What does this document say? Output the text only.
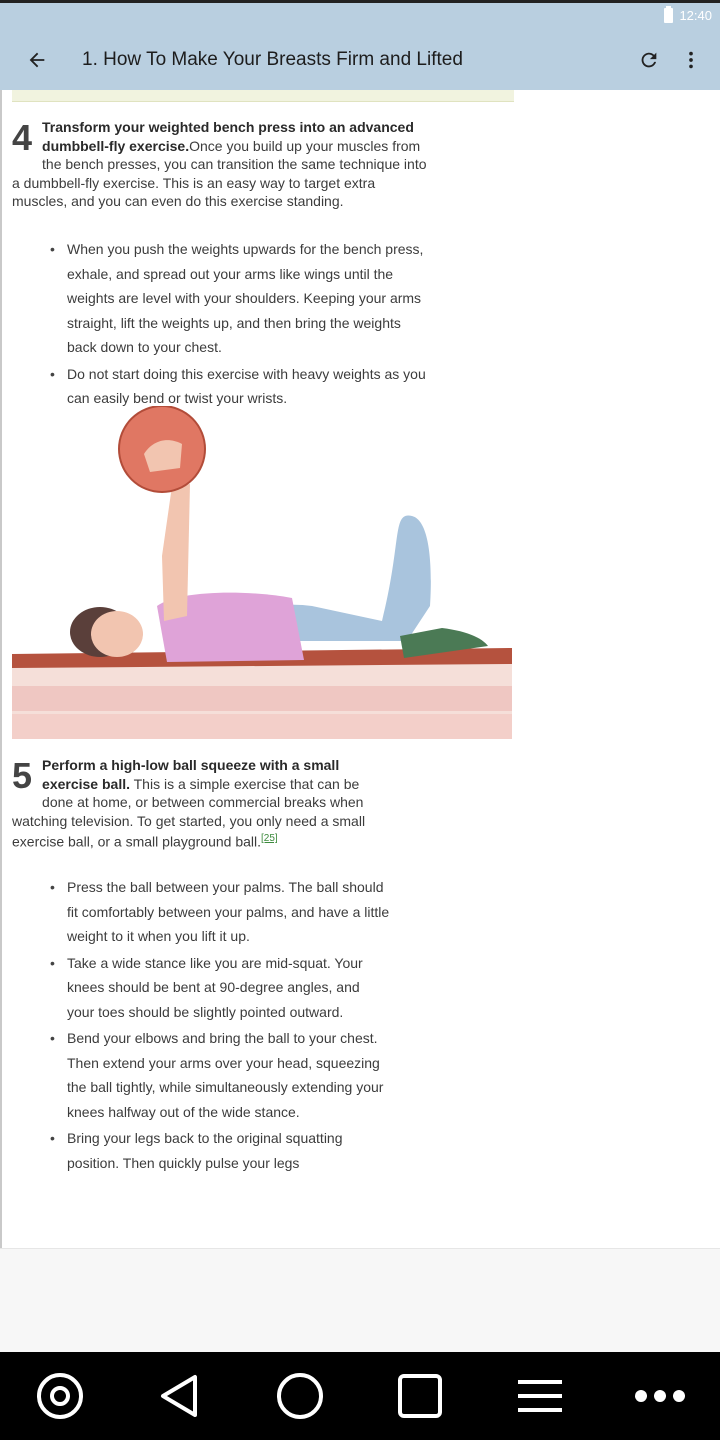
12:40
1. How To Make Your Breasts Firm and Lifted
4 Transform your weighted bench press into an advanced dumbbell-fly exercise.Once you build up your muscles from the bench presses, you can transition the same technique into a dumbbell-fly exercise. This is an easy way to target extra muscles, and you can even do this exercise standing.

• When you push the weights upwards for the bench press, exhale, and spread out your arms like wings until the weights are level with your shoulders. Keeping your arms straight, lift the weights up, and then bring the weights back down to your chest.
• Do not start doing this exercise with heavy weights as you can easily bend or twist your wrists.
5 Perform a high-low ball squeeze with a small exercise ball. This is a simple exercise that can be done at home, or between commercial breaks when watching television. To get started, you only need a small exercise ball, or a small playground ball.[25]

• Press the ball between your palms. The ball should fit comfortably between your palms, and have a little weight to it when you lift it up.
• Take a wide stance like you are mid-squat. Your knees should be bent at 90-degree angles, and your toes should be slightly pointed outward.
• Bend your elbows and bring the ball to your chest. Then extend your arms over your head, squeezing the ball tightly, while simultaneously extending your knees halfway out of the wide stance.
• Bring your legs back to the original squatting position. Then quickly pulse your legs
